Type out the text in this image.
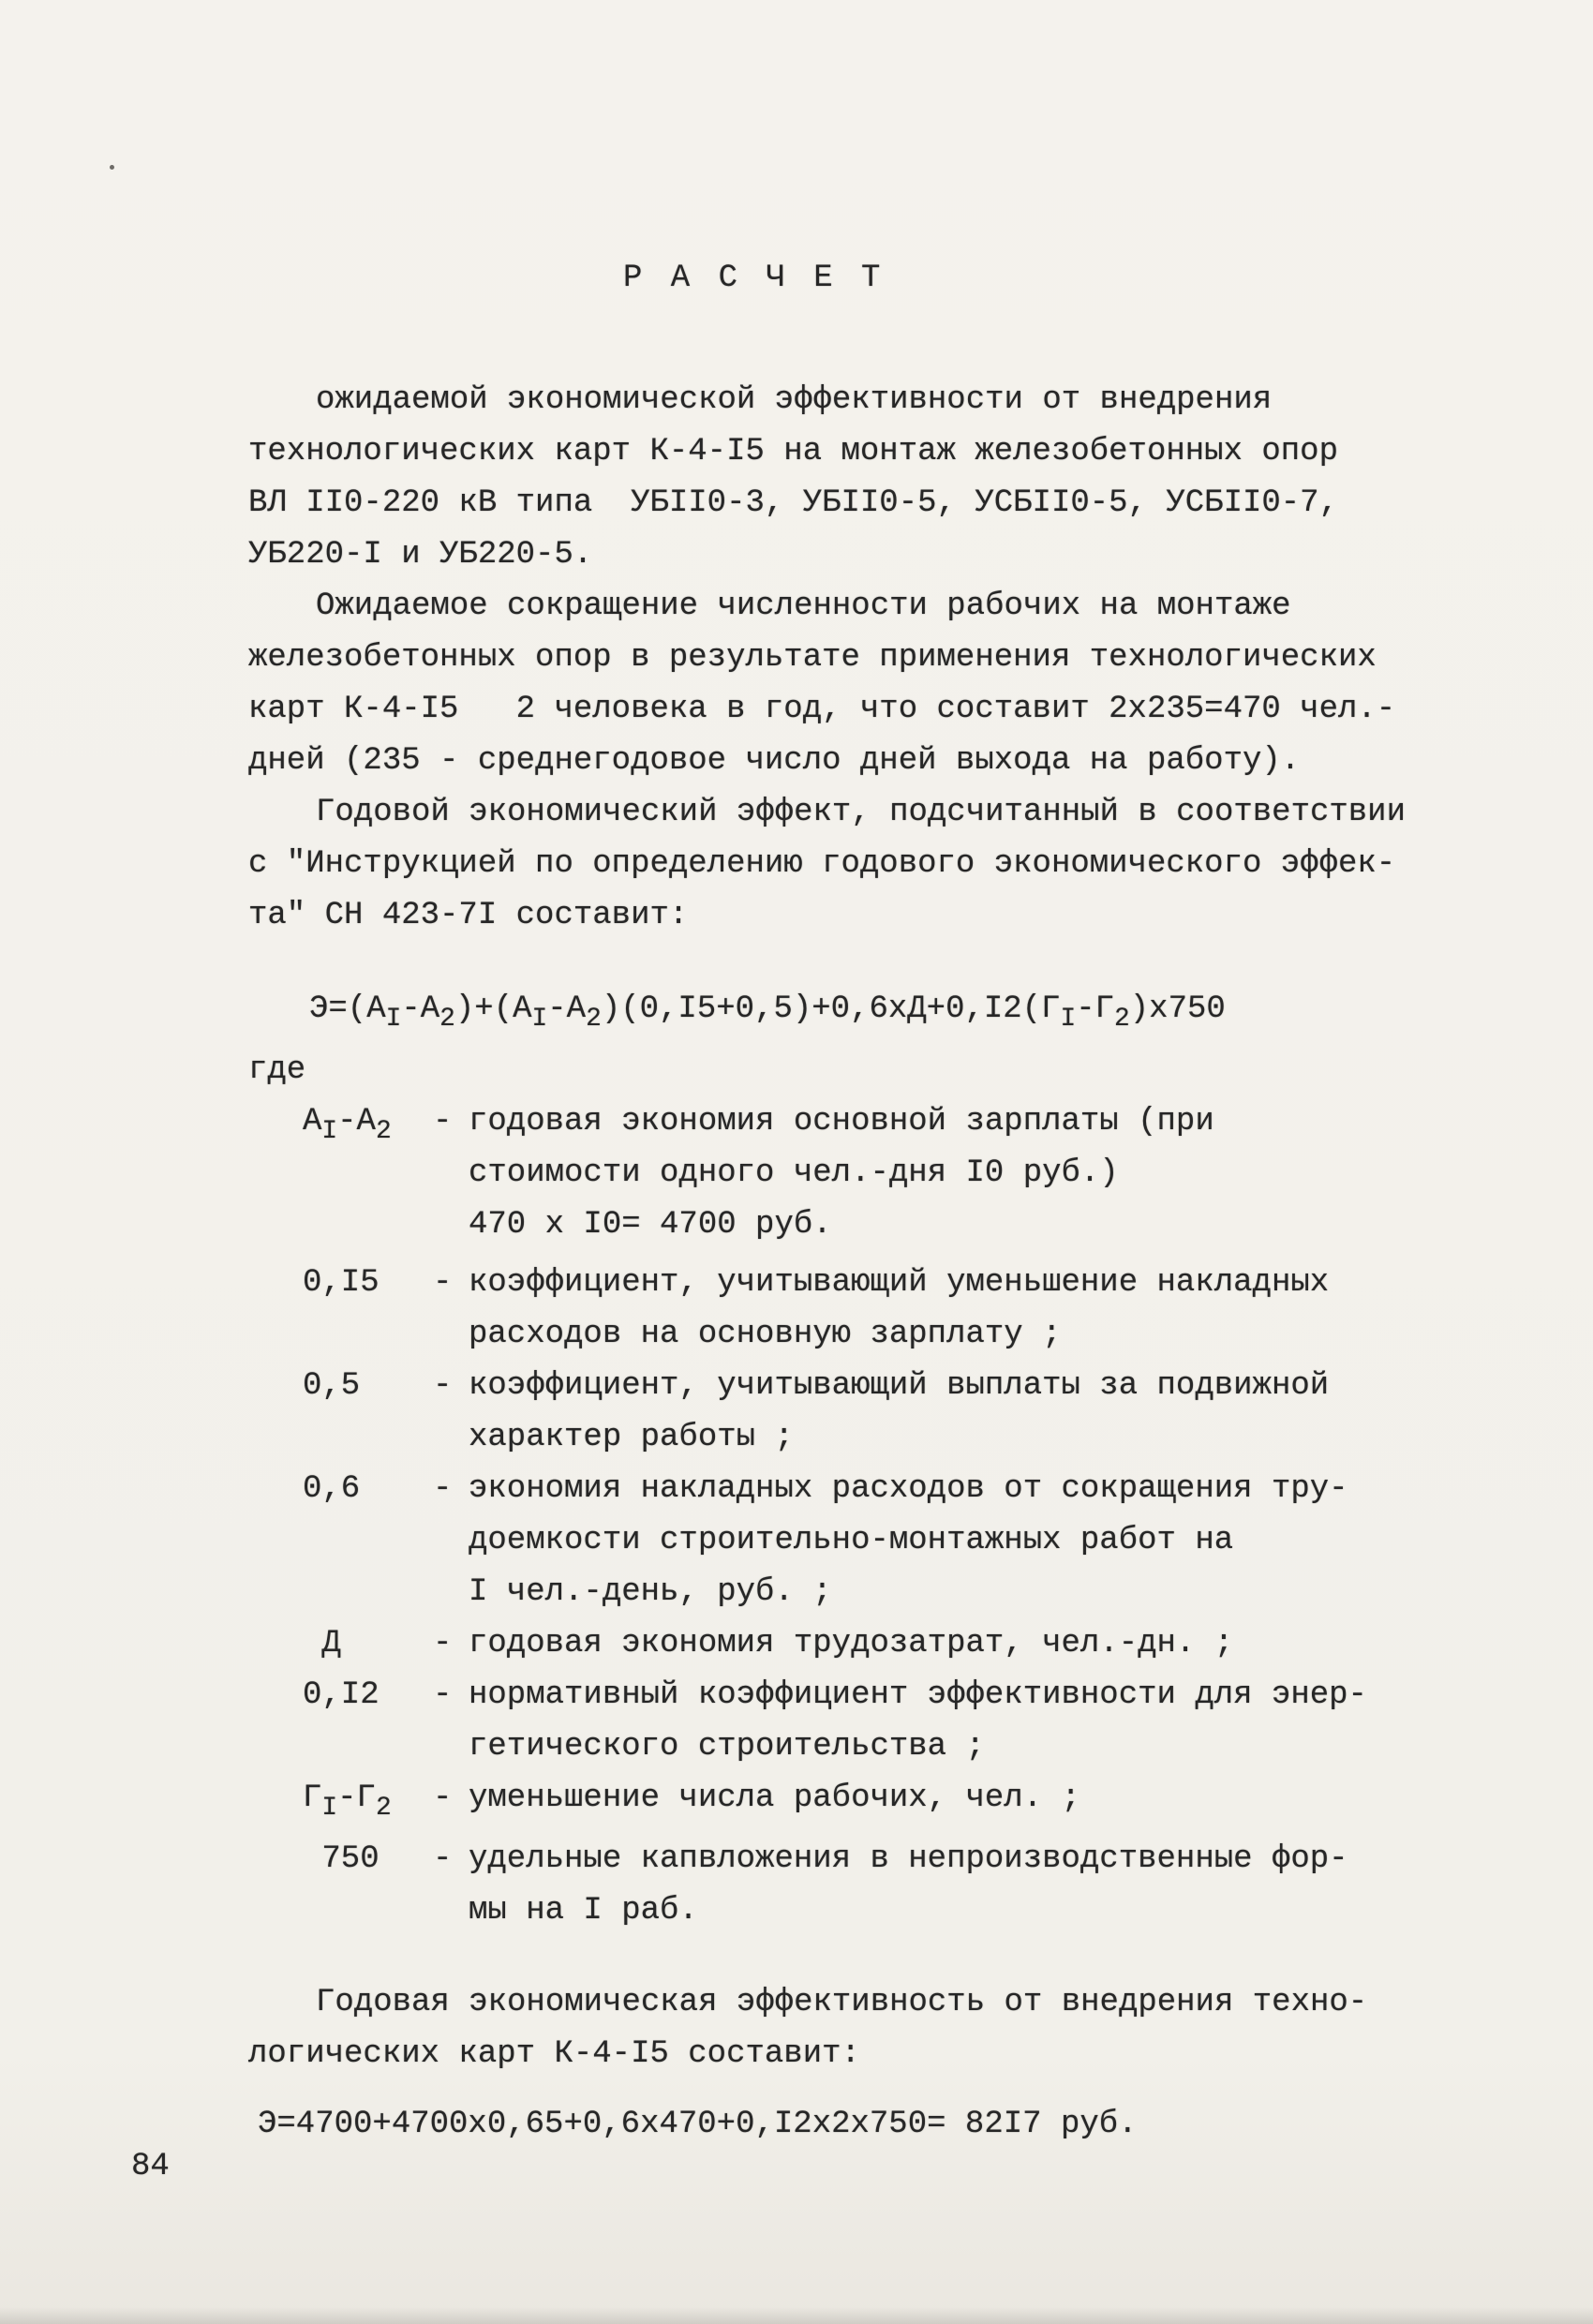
Р А С Ч Е Т
ожидаемой экономической эффективности от внедрения
технологических карт К-4-I5 на монтаж железобетонных опор
ВЛ II0-220 кВ типа  УБII0-3, УБII0-5, УСБII0-5, УСБII0-7,
УБ220-I и УБ220-5.
Ожидаемое сокращение численности рабочих на монтаже
железобетонных опор в результате применения технологических
карт К-4-I5   2 человека в год, что составит 2х235=470 чел.-
дней (235 - среднегодовое число дней выхода на работу).
Годовой экономический эффект, подсчитанный в соответствии
с "Инструкцией по определению годового экономического эффек-
та" СН 423-7I составит:
$Э=(А_I-А_2)+(А_I-А_2)(0,I5+0,5)+0,6хД+0,I2(Г_I-Г_2)х750$
где
$А_I-А_2$	- годовая экономия основной зарплаты (при
стоимости одного чел.-дня I0 руб.)
470 х I0= 4700 руб.
0,I5	- коэффициент, учитывающий уменьшение накладных
расходов на основную зарплату ;
0,5	- коэффициент, учитывающий выплаты за подвижной
характер работы ;
0,6	- экономия накладных расходов от сокращения тру-
доемкости строительно-монтажных работ на
I чел.-день, руб. ;
Д	- годовая экономия трудозатрат, чел.-дн. ;
0,I2	- нормативный коэффициент эффективности для энер-
гетического строительства ;
$Г_I-Г_2$	- уменьшение числа рабочих, чел. ;
750	- удельные капвложения в непроизводственные фор-
мы на I раб.
Годовая экономическая эффективность от внедрения техно-
логических карт К-4-I5 составит:
Э=4700+4700х0,65+0,6х470+0,I2х2х750= 82I7 руб.
84
